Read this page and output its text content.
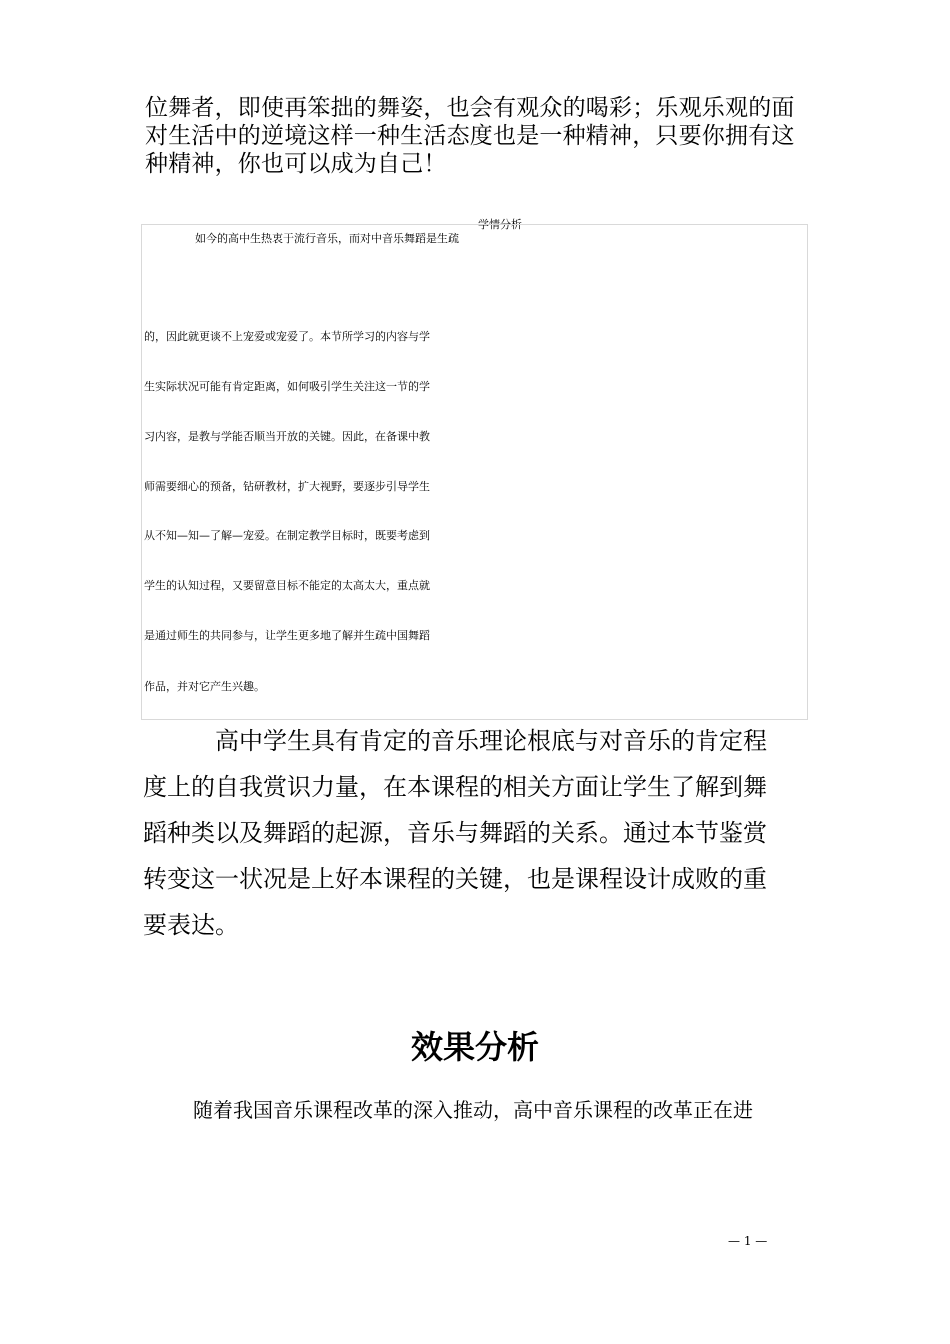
位舞者，即使再笨拙的舞姿，也会有观众的喝彩；乐观乐观的面
对生活中的逆境这样一种生活态度也是一种精神，只要你拥有这
种精神，你也可以成为自己！
学情分析
如今的高中生热衷于流行音乐，而对中音乐舞蹈是生疏
的，因此就更谈不上宠爱或宠爱了。本节所学习的内容与学
生实际状况可能有肯定距离，如何吸引学生关注这一节的学
习内容，是教与学能否顺当开放的关键。因此，在备课中教
师需要细心的预备，钻研教材，扩大视野，要逐步引导学生
从不知—知—了解—宠爱。在制定教学目标时，既要考虑到
学生的认知过程，又要留意目标不能定的太高太大，重点就
是通过师生的共同参与，让学生更多地了解并生疏中国舞蹈
作品，并对它产生兴趣。
高中学生具有肯定的音乐理论根底与对音乐的肯定程
度上的自我赏识力量，在本课程的相关方面让学生了解到舞
蹈种类以及舞蹈的起源，音乐与舞蹈的关系。通过本节鉴赏
转变这一状况是上好本课程的关键，也是课程设计成败的重
要表达。
效果分析
随着我国音乐课程改革的深入推动，高中音乐课程的改革正在进
— 1 —
